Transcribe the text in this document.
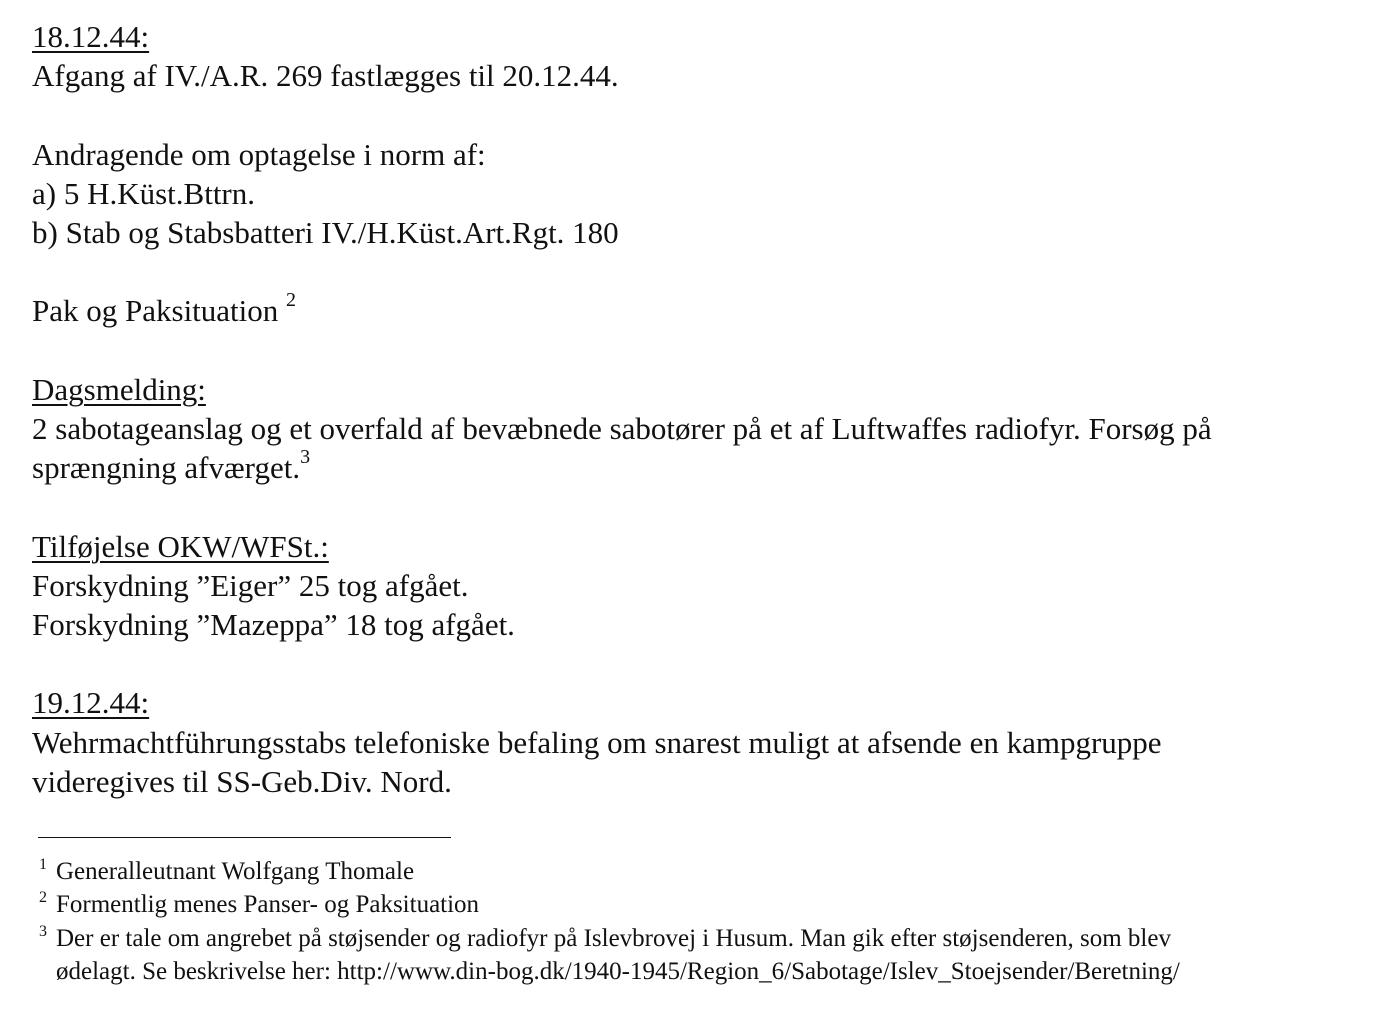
18.12.44:

Afgang af IV./A.R. 269 fastlægges til 20.12.44.

Andragende om optagelse i norm af:

a) 5 H.Küst.Bttrn.

b) Stab og Stabsbatteri IV./H.Küst.Art.Rgt. 180

Pak og Paksituation $^2$

Dagsmelding:

2 sabotageanslag og et overfald af bevæbnede sabotører på et af Luftwaffes radiofyr. Forsøg på

sprængning afværget.$^3$

Tilføjelse OKW/WFSt.:

Forskydning ”Eiger” 25 tog afgået.

Forskydning ”Mazeppa” 18 tog afgået.

19.12.44:

Wehrmachtführungsstabs telefoniske befaling om snarest muligt at afsende en kampgruppe

videregives til SS-Geb.Div. Nord.

1 Generalleutnant Wolfgang Thomale

2 Formentlig menes Panser- og Paksituation

3 Der er tale om angrebet på støjsender og radiofyr på Islevbrovej i Husum. Man gik efter støjsenderen, som blev

ødelagt. Se beskrivelse her: http://www.din-bog.dk/1940-1945/Region_6/Sabotage/Islev_Stoejsender/Beretning/
